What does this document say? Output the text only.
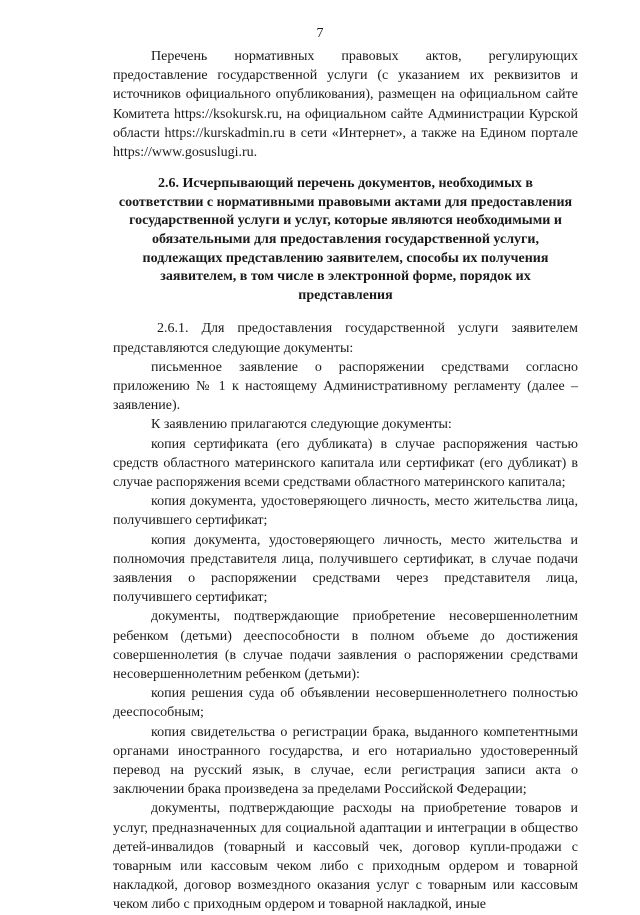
7

Перечень нормативных правовых актов, регулирующих предоставление государственной услуги (с указанием их реквизитов и источников официального опубликования), размещен на официальном сайте Комитета https://ksokursk.ru, на официальном сайте Администрации Курской области https://kurskadmin.ru в сети «Интернет», а также на Едином портале https://www.gosuslugi.ru.

2.6. Исчерпывающий перечень документов, необходимых в соответствии с нормативными правовыми актами для предоставления государственной услуги и услуг, которые являются необходимыми и обязательными для предоставления государственной услуги, подлежащих представлению заявителем, способы их получения заявителем, в том числе в электронной форме, порядок их представления

2.6.1. Для предоставления государственной услуги заявителем представляются следующие документы:

письменное заявление о распоряжении средствами согласно приложению № 1 к настоящему Административному регламенту (далее – заявление).

К заявлению прилагаются следующие документы:

копия сертификата (его дубликата) в случае распоряжения частью средств областного материнского капитала или сертификат (его дубликат) в случае распоряжения всеми средствами областного материнского капитала;

копия документа, удостоверяющего личность, место жительства лица, получившего сертификат;

копия документа, удостоверяющего личность, место жительства и полномочия представителя лица, получившего сертификат, в случае подачи заявления о распоряжении средствами через представителя лица, получившего сертификат;

документы, подтверждающие приобретение несовершеннолетним ребенком (детьми) дееспособности в полном объеме до достижения совершеннолетия (в случае подачи заявления о распоряжении средствами несовершеннолетним ребенком (детьми):

копия решения суда об объявлении несовершеннолетнего полностью дееспособным;

копия свидетельства о регистрации брака, выданного компетентными органами иностранного государства, и его нотариально удостоверенный перевод на русский язык, в случае, если регистрация записи акта о заключении брака произведена за пределами Российской Федерации;

документы, подтверждающие расходы на приобретение товаров и услуг, предназначенных для социальной адаптации и интеграции в общество детей-инвалидов (товарный и кассовый чек, договор купли-продажи с товарным или кассовым чеком либо с приходным ордером и товарной накладкой, договор возмездного оказания услуг с товарным или кассовым чеком либо с приходным ордером и товарной накладкой, иные
